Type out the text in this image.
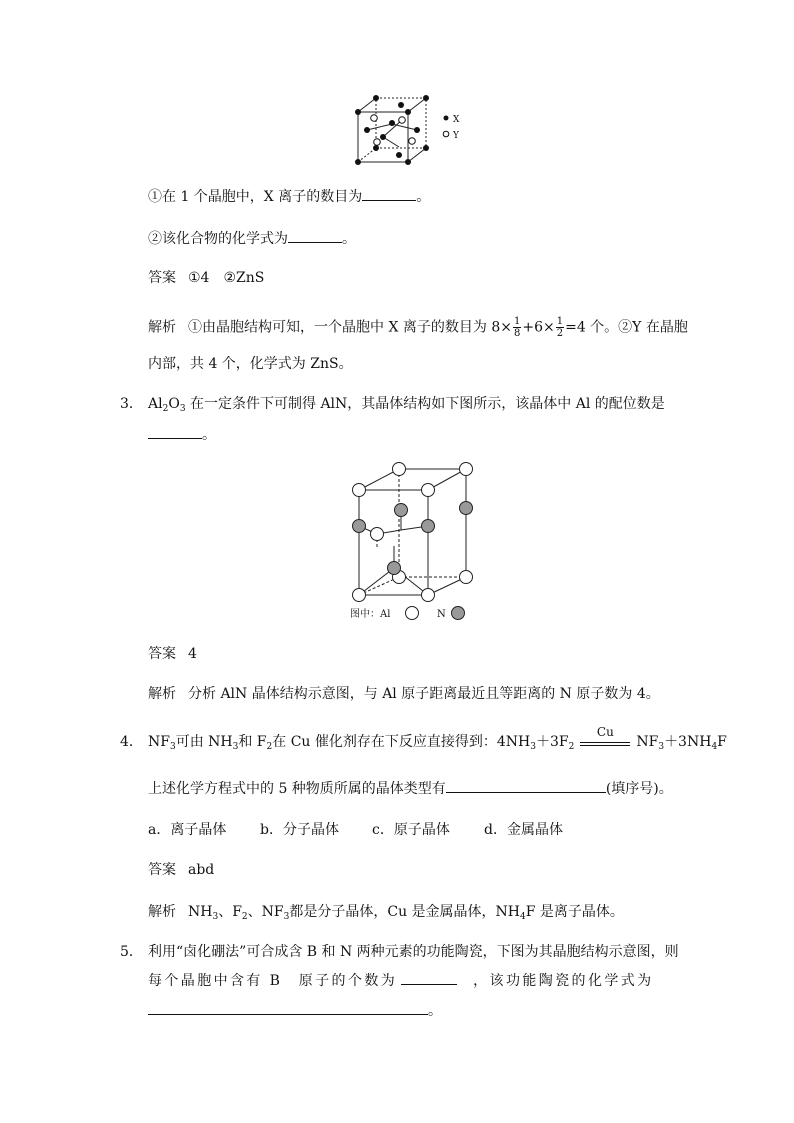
X
Y
①在 1 个晶胞中，X 离子的数目为	。
②该化合物的化学式为	。
答案 ①4　②ZnS
解析 ①由晶胞结构可知，一个晶胞中 X 离子的数目为 $8\times \frac{1}{8} +6\times \frac{1}{2} =4$ 个。②Y 在晶胞
内部，共 4 个，化学式为 ZnS。
3． $Al_2O_3$ 在一定条件下可制得 AlN，其晶体结构如下图所示，该晶体中 Al 的配位数是
。
图中：Al	N
答案 4
解析 分析 AlN 晶体结构示意图，与 Al 原子距离最近且等距离的 N 原子数为 4。
4． $NF_3$可由 $NH_3$和 $F_2$在 Cu 催化剂存在下反应直接得到：$4NH_3+3F_2$
Cu
$NF_3+3NH_4F$
上述化学方程式中的 5 种物质所属的晶体类型有	(填序号)。
a．离子晶体 b．分子晶体 c．原子晶体 d．金属晶体
答案 abd
解析 $NH_3$、$F_2$、$NF_3$都是分子晶体，Cu 是金属晶体，$NH_4F$ 是离子晶体。
5． 利用“卤化硼法”可合成含 B 和 N 两种元素的功能陶瓷，下图为其晶胞结构示意图，则
每个晶胞中含有 B　原子的个数为	，该功能陶瓷的化学式为
。
